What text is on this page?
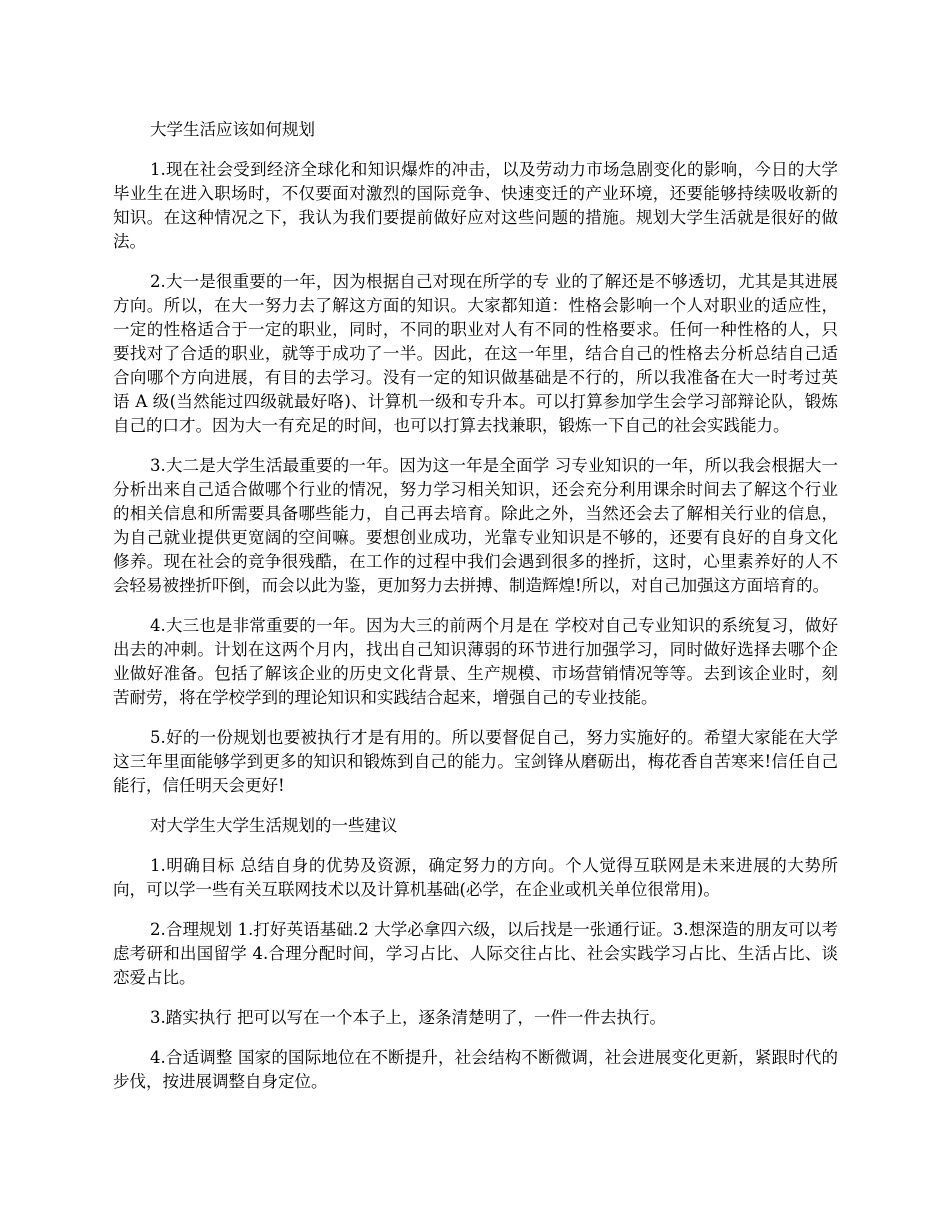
大学生活应该如何规划

1.现在社会受到经济全球化和知识爆炸的冲击，以及劳动力市场急剧变化的影响，今日的大学毕业生在进入职场时，不仅要面对激烈的国际竞争、快速变迁的产业环境，还要能够持续吸收新的知识。在这种情况之下，我认为我们要提前做好应对这些问题的措施。规划大学生活就是很好的做法。

2.大一是很重要的一年，因为根据自己对现在所学的专 业的了解还是不够透切，尤其是其进展方向。所以，在大一努力去了解这方面的知识。大家都知道：性格会影响一个人对职业的适应性，一定的性格适合于一定的职业，同时，不同的职业对人有不同的性格要求。任何一种性格的人，只要找对了合适的职业，就等于成功了一半。因此，在这一年里，结合自己的性格去分析总结自己适合向哪个方向进展，有目的去学习。没有一定的知识做基础是不行的，所以我准备在大一时考过英语 A 级(当然能过四级就最好咯)、计算机一级和专升本。可以打算参加学生会学习部辩论队，锻炼自己的口才。因为大一有充足的时间，也可以打算去找兼职，锻炼一下自己的社会实践能力。

3.大二是大学生活最重要的一年。因为这一年是全面学 习专业知识的一年，所以我会根据大一分析出来自己适合做哪个行业的情况，努力学习相关知识，还会充分利用课余时间去了解这个行业的相关信息和所需要具备哪些能力，自己再去培育。除此之外，当然还会去了解相关行业的信息，为自己就业提供更宽阔的空间嘛。要想创业成功，光靠专业知识是不够的，还要有良好的自身文化修养。现在社会的竞争很残酷，在工作的过程中我们会遇到很多的挫折，这时，心里素养好的人不会轻易被挫折吓倒，而会以此为鉴，更加努力去拼搏、制造辉煌!所以，对自己加强这方面培育的。

4.大三也是非常重要的一年。因为大三的前两个月是在 学校对自己专业知识的系统复习，做好出去的冲刺。计划在这两个月内，找出自己知识薄弱的环节进行加强学习，同时做好选择去哪个企业做好准备。包括了解该企业的历史文化背景、生产规模、市场营销情况等等。去到该企业时，刻苦耐劳，将在学校学到的理论知识和实践结合起来，增强自己的专业技能。

5.好的一份规划也要被执行才是有用的。所以要督促自己，努力实施好的。希望大家能在大学这三年里面能够学到更多的知识和锻炼到自己的能力。宝剑锋从磨砺出，梅花香自苦寒来!信任自己能行，信任明天会更好!

对大学生大学生活规划的一些建议

1.明确目标 总结自身的优势及资源，确定努力的方向。个人觉得互联网是未来进展的大势所向，可以学一些有关互联网技术以及计算机基础(必学，在企业或机关单位很常用)。

2.合理规划 1.打好英语基础.2 大学必拿四六级，以后找是一张通行证。3.想深造的朋友可以考虑考研和出国留学 4.合理分配时间，学习占比、人际交往占比、社会实践学习占比、生活占比、谈恋爱占比。

3.踏实执行 把可以写在一个本子上，逐条清楚明了，一件一件去执行。

4.合适调整 国家的国际地位在不断提升，社会结构不断微调，社会进展变化更新，紧跟时代的步伐，按进展调整自身定位。
